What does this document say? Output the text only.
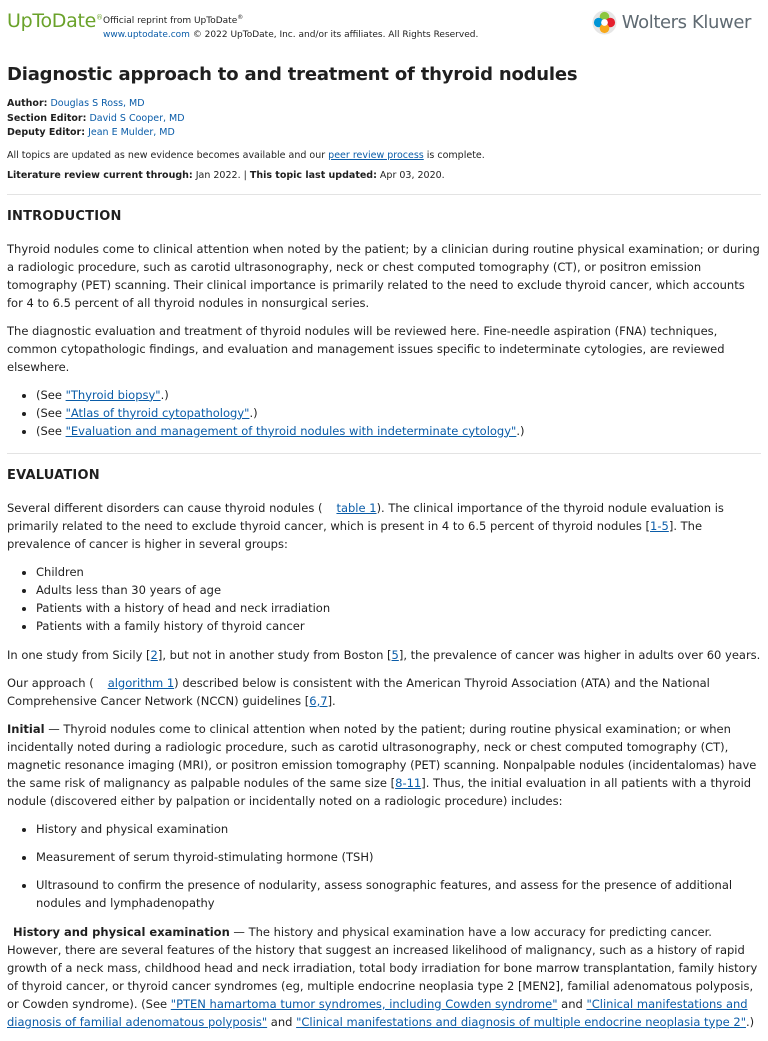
UpToDate® Official reprint from UpToDate®
www.uptodate.com © 2022 UpToDate, Inc. and/or its affiliates. All Rights Reserved.
Wolters Kluwer
Diagnostic approach to and treatment of thyroid nodules
Author: Douglas S Ross, MD
Section Editor: David S Cooper, MD
Deputy Editor: Jean E Mulder, MD
All topics are updated as new evidence becomes available and our peer review process is complete.
Literature review current through: Jan 2022. | This topic last updated: Apr 03, 2020.
INTRODUCTION

Thyroid nodules come to clinical attention when noted by the patient; by a clinician during routine physical examination; or during a radiologic procedure, such as carotid ultrasonography, neck or chest computed tomography (CT), or positron emission tomography (PET) scanning. Their clinical importance is primarily related to the need to exclude thyroid cancer, which accounts for 4 to 6.5 percent of all thyroid nodules in nonsurgical series.

The diagnostic evaluation and treatment of thyroid nodules will be reviewed here. Fine-needle aspiration (FNA) techniques, common cytopathologic findings, and evaluation and management issues specific to indeterminate cytologies, are reviewed elsewhere.

• (See "Thyroid biopsy".)
• (See "Atlas of thyroid cytopathology".)
• (See "Evaluation and management of thyroid nodules with indeterminate cytology".)
EVALUATION

Several different disorders can cause thyroid nodules ( table 1). The clinical importance of the thyroid nodule evaluation is primarily related to the need to exclude thyroid cancer, which is present in 4 to 6.5 percent of thyroid nodules [1-5]. The prevalence of cancer is higher in several groups:

• Children
• Adults less than 30 years of age
• Patients with a history of head and neck irradiation
• Patients with a family history of thyroid cancer

In one study from Sicily [2], but not in another study from Boston [5], the prevalence of cancer was higher in adults over 60 years.

Our approach ( algorithm 1) described below is consistent with the American Thyroid Association (ATA) and the National Comprehensive Cancer Network (NCCN) guidelines [6,7].

Initial — Thyroid nodules come to clinical attention when noted by the patient; during routine physical examination; or when incidentally noted during a radiologic procedure, such as carotid ultrasonography, neck or chest computed tomography (CT), magnetic resonance imaging (MRI), or positron emission tomography (PET) scanning. Nonpalpable nodules (incidentalomas) have the same risk of malignancy as palpable nodules of the same size [8-11]. Thus, the initial evaluation in all patients with a thyroid nodule (discovered either by palpation or incidentally noted on a radiologic procedure) includes:

• History and physical examination
• Measurement of serum thyroid-stimulating hormone (TSH)
• Ultrasound to confirm the presence of nodularity, assess sonographic features, and assess for the presence of additional nodules and lymphadenopathy

History and physical examination — The history and physical examination have a low accuracy for predicting cancer. However, there are several features of the history that suggest an increased likelihood of malignancy, such as a history of rapid growth of a neck mass, childhood head and neck irradiation, total body irradiation for bone marrow transplantation, family history of thyroid cancer, or thyroid cancer syndromes (eg, multiple endocrine neoplasia type 2 [MEN2], familial adenomatous polyposis, or Cowden syndrome). (See "PTEN hamartoma tumor syndromes, including Cowden syndrome" and "Clinical manifestations and diagnosis of familial adenomatous polyposis" and "Clinical manifestations and diagnosis of multiple endocrine neoplasia type 2".)
